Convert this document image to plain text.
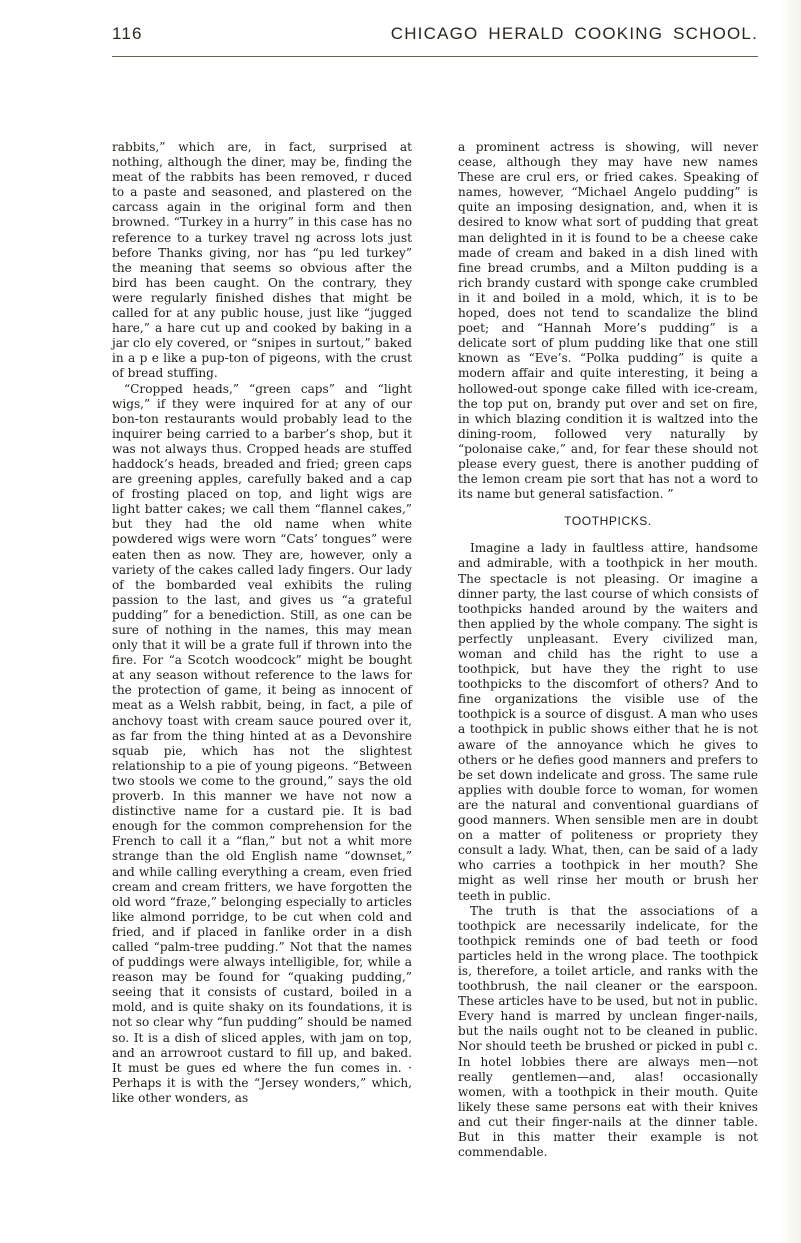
116	CHICAGO HERALD COOKING SCHOOL.

rabbits,” which are, in fact, surprised at nothing, although the diner, may be, finding the meat of the rabbits has been removed, r duced to a paste and seasoned, and plastered on the carcass again in the original form and then browned. “Turkey in a hurry” in this case has no reference to a turkey travel ng across lots just before Thanks giving, nor has “pu led turkey” the meaning that seems so obvious after the bird has been caught. On the contrary, they were regularly finished dishes that might be called for at any public house, just like “jugged hare,” a hare cut up and cooked by baking in a jar clo ely covered, or “snipes in surtout,” baked in a p e like a pup-ton of pigeons, with the crust of bread stuffing.

“Cropped heads,” “green caps” and “light wigs,” if they were inquired for at any of our bon-ton restaurants would probably lead to the inquirer being carried to a barber’s shop, but it was not always thus. Cropped heads are stuffed haddock’s heads, breaded and fried; green caps are greening apples, carefully baked and a cap of frosting placed on top, and light wigs are light batter cakes; we call them “flannel cakes,” but they had the old name when white powdered wigs were worn “Cats’ tongues” were eaten then as now. They are, however, only a variety of the cakes called lady fingers. Our lady of the bombarded veal exhibits the ruling passion to the last, and gives us “a grateful pudding” for a benediction. Still, as one can be sure of nothing in the names, this may mean only that it will be a grate full if thrown into the fire. For “a Scotch woodcock” might be bought at any season without reference to the laws for the protection of game, it being as innocent of meat as a Welsh rabbit, being, in fact, a pile of anchovy toast with cream sauce poured over it, as far from the thing hinted at as a Devonshire squab pie, which has not the slightest relationship to a pie of young pigeons. “Between two stools we come to the ground,” says the old proverb. In this manner we have not now a distinctive name for a custard pie. It is bad enough for the common comprehension for the French to call it a “flan,” but not a whit more strange than the old English name “downset,” and while calling everything a cream, even fried cream and cream fritters, we have forgotten the old word “fraze,” belonging especially to articles like almond porridge, to be cut when cold and fried, and if placed in fanlike order in a dish called “palm-tree pudding.” Not that the names of puddings were always intelligible, for, while a reason may be found for “quaking pudding,” seeing that it consists of custard, boiled in a mold, and is quite shaky on its foundations, it is not so clear why “fun pudding” should be named so. It is a dish of sliced apples, with jam on top, and an arrowroot custard to fill up, and baked. It must be gues ed where the fun comes in. · Perhaps it is with the “Jersey wonders,” which, like other wonders, as

a prominent actress is showing, will never cease, although they may have new names These are crul ers, or fried cakes. Speaking of names, however, “Michael Angelo pudding” is quite an imposing designation, and, when it is desired to know what sort of pudding that great man delighted in it is found to be a cheese cake made of cream and baked in a dish lined with fine bread crumbs, and a Milton pudding is a rich brandy custard with sponge cake crumbled in it and boiled in a mold, which, it is to be hoped, does not tend to scandalize the blind poet; and “Hannah More’s pudding” is a delicate sort of plum pudding like that one still known as “Eve’s. “Polka pudding” is quite a modern affair and quite interesting, it being a hollowed-out sponge cake filled with ice-cream, the top put on, brandy put over and set on fire, in which blazing condition it is waltzed into the dining-room, followed very naturally by “polonaise cake,” and, for fear these should not please every guest, there is another pudding of the lemon cream pie sort that has not a word to its name but general satisfaction. ”

TOOTHPICKS.

Imagine a lady in faultless attire, handsome and admirable, with a toothpick in her mouth. The spectacle is not pleasing. Or imagine a dinner party, the last course of which consists of toothpicks handed around by the waiters and then applied by the whole company. The sight is perfectly unpleasant. Every civilized man, woman and child has the right to use a toothpick, but have they the right to use toothpicks to the discomfort of others? And to fine organizations the visible use of the toothpick is a source of disgust. A man who uses a toothpick in public shows either that he is not aware of the annoyance which he gives to others or he defies good manners and prefers to be set down indelicate and gross. The same rule applies with double force to woman, for women are the natural and conventional guardians of good manners. When sensible men are in doubt on a matter of politeness or propriety they consult a lady. What, then, can be said of a lady who carries a toothpick in her mouth? She might as well rinse her mouth or brush her teeth in public.

The truth is that the associations of a toothpick are necessarily indelicate, for the toothpick reminds one of bad teeth or food particles held in the wrong place. The toothpick is, therefore, a toilet article, and ranks with the toothbrush, the nail cleaner or the earspoon. These articles have to be used, but not in public. Every hand is marred by unclean finger-nails, but the nails ought not to be cleaned in public. Nor should teeth be brushed or picked in publ c. In hotel lobbies there are always men—not really gentlemen—and, alas! occasionally women, with a toothpick in their mouth. Quite likely these same persons eat with their knives and cut their finger-nails at the dinner table. But in this matter their example is not commendable.
